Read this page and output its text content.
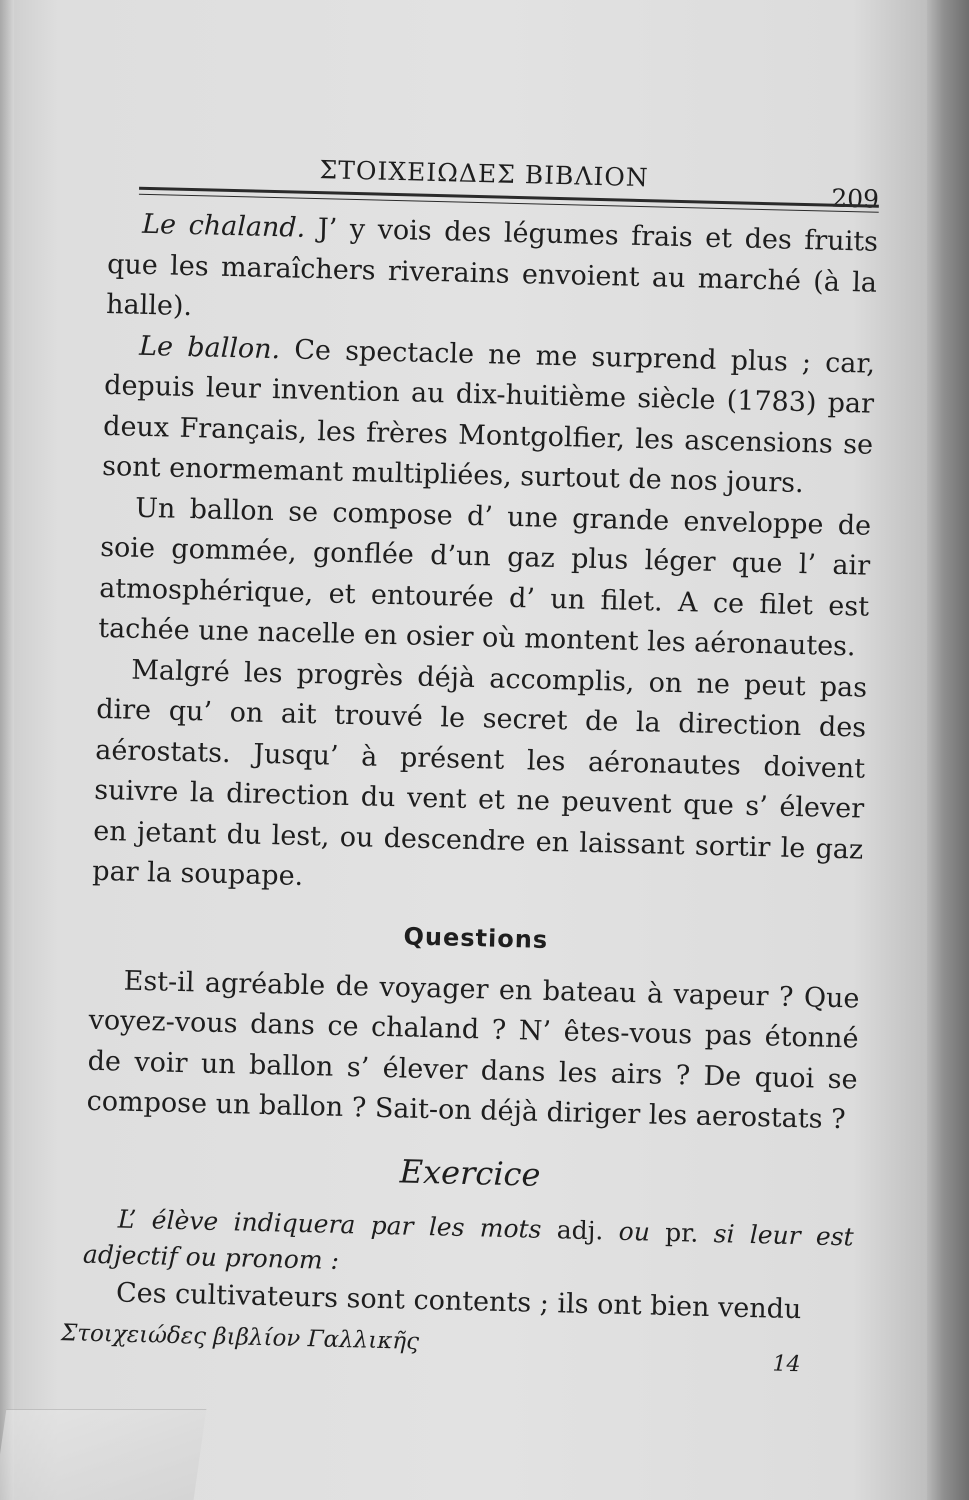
ΣΤΟΙΧΕΙΩΔΕΣ ΒΙΒΛΙΟΝ
209

Le chaland. J’ y vois des légumes frais et des fruits que les maraîchers riverains envoient au marché (à la halle).

Le ballon. Ce spectacle ne me surprend plus ; car, depuis leur invention au dix-huitième siècle (1783) par deux Français, les frères Montgolfier, les ascensions se sont enormemant multipliées, surtout de nos jours.

Un ballon se compose d’ une grande enveloppe de soie gommée, gonflée d’un gaz plus léger que l’ air atmosphérique, et entourée d’ un filet. A ce filet est tachée une nacelle en osier où montent les aéronautes.

Malgré les progrès déjà accomplis, on ne peut pas dire qu’ on ait trouvé le secret de la direction des aérostats. Jusqu’ à présent les aéronautes doivent suivre la direction du vent et ne peuvent que s’ élever en jetant du lest, ou descendre en laissant sortir le gaz par la soupape.

Questions

Est-il agréable de voyager en bateau à vapeur ? Que voyez-vous dans ce chaland ? N’ êtes-vous pas étonné de voir un ballon s’ élever dans les airs ? De quoi se compose un ballon ? Sait-on déjà diriger les aerostats ?

Exercice

L’ élève indiquera par les mots adj. ou pr. si leur est adjectif ou pronom :

Ces cultivateurs sont contents ; ils ont bien vendu

Στοιχειώδες βιβλίον Γαλλικῆς
14
